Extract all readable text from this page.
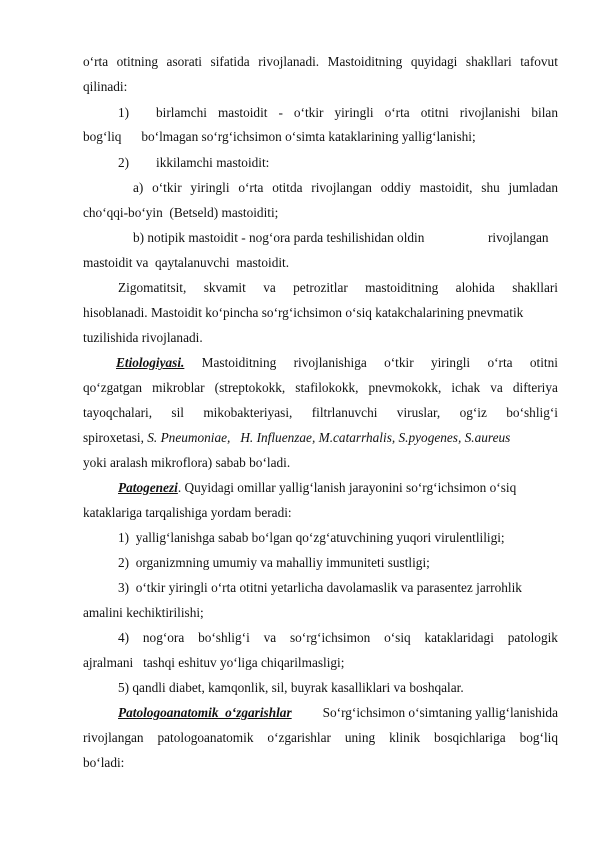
o‘rta otitning asorati sifatida rivojlanadi. Mastoiditning quyidagi shakllari tafovut
qilinadi:
1) birlamchi mastoidit - o‘tkir yiringli o‘rta otitni rivojlanishi bilan
bog‘liq      bo‘lmagan so‘rg‘ichsimon o‘simta kataklarining yallig‘lanishi;
2) ikkilamchi mastoidit:
a) o‘tkir yiringli o‘rta otitda rivojlangan oddiy mastoidit, shu jumladan
cho‘qqi-bo‘yin  (Betseld) mastoiditi;
b) notipik mastoidit - nog‘ora parda teshilishidan oldin	rivojlangan
mastoidit va  qaytalanuvchi  mastoidit.
Zigomatitsit, skvamit va petrozitlar mastoiditning alohida shakllari
hisoblanadi. Mastoidit ko‘pincha so‘rg‘ichsimon o‘siq katakchalarining pnevmatik
tuzilishida rivojlanadi.
Etiologiyasi. Mastoiditning rivojlanishiga o‘tkir yiringli o‘rta otitni
qo‘zgatgan mikroblar (streptokokk, stafilokokk, pnevmokokk, ichak va difteriya
tayoqchalari, sil mikobakteriyasi, filtrlanuvchi viruslar, og‘iz bo‘shlig‘i
spiroxetasi, S. Pneumoniae,   H. Influenzae, M.catarrhalis, S.pyogenes, S.aureus
yoki aralash mikroflora) sabab bo‘ladi.
Patogenezi. Quyidagi omillar yallig‘lanish jarayonini so‘rg‘ichsimon o‘siq
kataklariga tarqalishiga yordam beradi:
1)  yallig‘lanishga sabab bo‘lgan qo‘zg‘atuvchining yuqori virulentliligi;
2)  organizmning umumiy va mahalliy immuniteti sustligi;
3)  o‘tkir yiringli o‘rta otitni yetarlicha davolamaslik va parasentez jarrohlik
amalini kechiktirilishi;
4) nog‘ora bo‘shlig‘i va so‘rg‘ichsimon o‘siq kataklaridagi patologik
ajralmani   tashqi eshituv yo‘liga chiqarilmasligi;
5) qandli diabet, kamqonlik, sil, buyrak kasalliklari va boshqalar.
Patologoanatomik  o‘zgarishlar So‘rg‘ichsimon o‘simtaning yallig‘lanishida
rivojlangan patologoanatomik o‘zgarishlar uning klinik bosqichlariga bog‘liq
bo‘ladi:
